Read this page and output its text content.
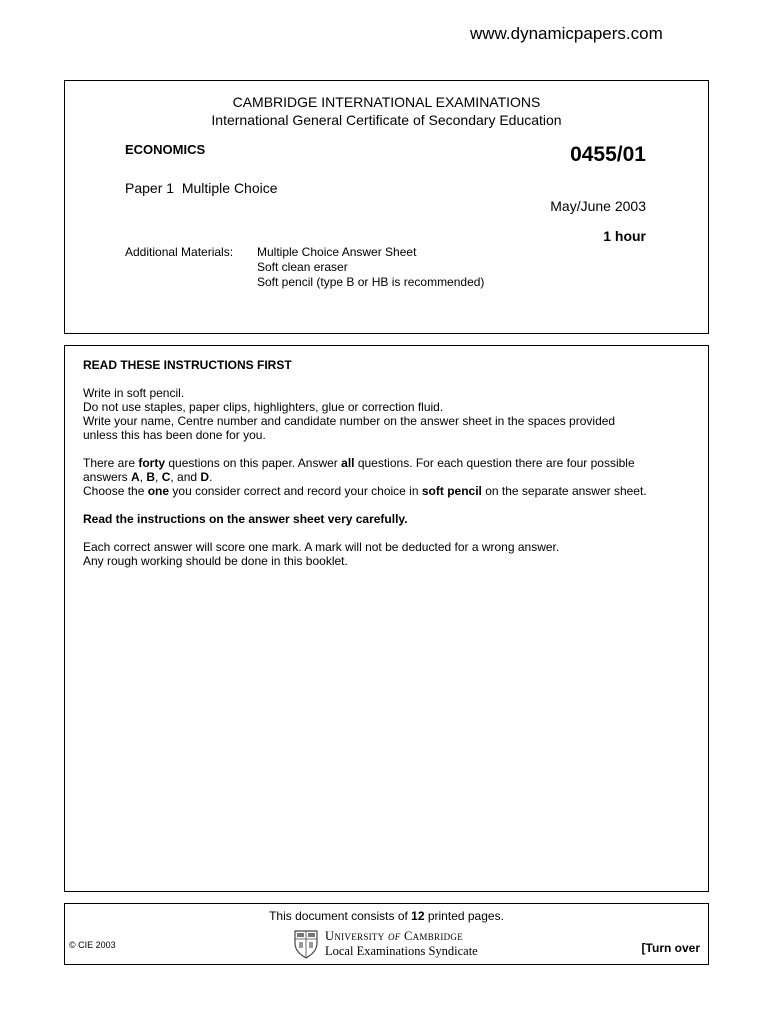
www.dynamicpapers.com
CAMBRIDGE INTERNATIONAL EXAMINATIONS
International General Certificate of Secondary Education
ECONOMICS	0455/01
Paper 1  Multiple Choice
May/June 2003
1 hour
Additional Materials: Multiple Choice Answer Sheet
Soft clean eraser
Soft pencil (type B or HB is recommended)

READ THESE INSTRUCTIONS FIRST

Write in soft pencil.
Do not use staples, paper clips, highlighters, glue or correction fluid.
Write your name, Centre number and candidate number on the answer sheet in the spaces provided
unless this has been done for you.

There are forty questions on this paper. Answer all questions. For each question there are four possible
answers A, B, C, and D.
Choose the one you consider correct and record your choice in soft pencil on the separate answer sheet.

Read the instructions on the answer sheet very carefully.

Each correct answer will score one mark. A mark will not be deducted for a wrong answer.
Any rough working should be done in this booklet.

This document consists of 12 printed pages.
© CIE 2003
University of Cambridge
Local Examinations Syndicate	[Turn over
